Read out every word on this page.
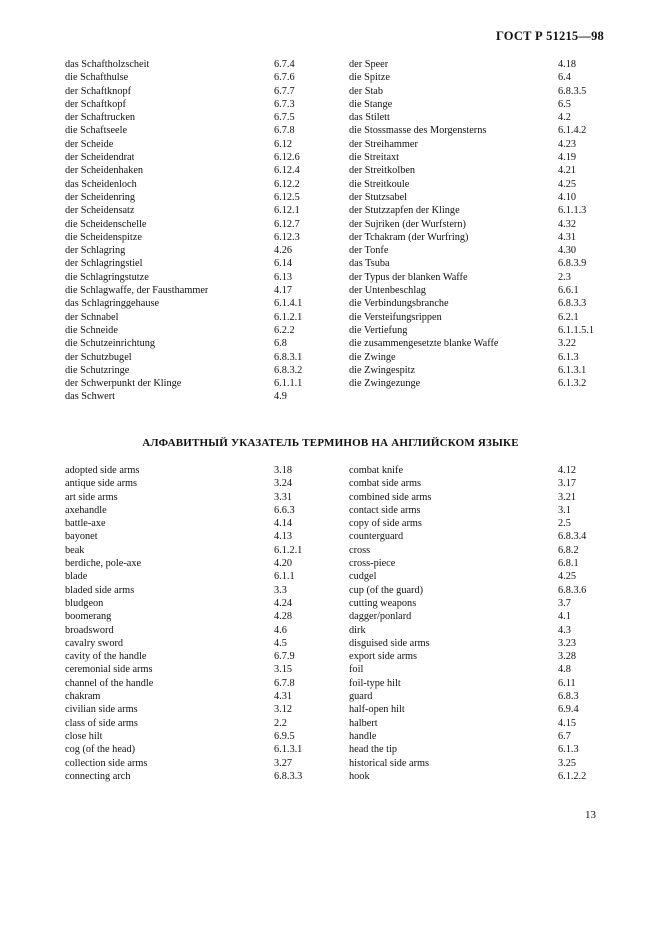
ГОСТ Р 51215—98
das Schaftholzscheit	6.7.4
die Schafthulse	6.7.6
der Schaftknopf	6.7.7
der Schaftkopf	6.7.3
der Schaftrucken	6.7.5
die Schaftseele	6.7.8
der Scheide	6.12
der Scheidendrat	6.12.6
der Scheidenhaken	6.12.4
das Scheidenloch	6.12.2
der Scheidenring	6.12.5
der Scheidensatz	6.12.1
die Scheidenschelle	6.12.7
die Scheidenspitze	6.12.3
der Schlagring	4.26
der Schlagringstiel	6.14
die Schlagringstutze	6.13
die Schlagwaffe, der Fausthammer	4.17
das Schlagringgehause	6.1.4.1
der Schnabel	6.1.2.1
die Schneide	6.2.2
die Schutzeinrichtung	6.8
der Schutzbugel	6.8.3.1
die Schutzringe	6.8.3.2
der Schwerpunkt der Klinge	6.1.1.1
das Schwert	4.9
der Speer	4.18
die Spitze	6.4
der Stab	6.8.3.5
die Stange	6.5
das Stilett	4.2
die Stossmasse des Morgensterns	6.1.4.2
der Streihammer	4.23
die Streitaxt	4.19
der Streitkolben	4.21
die Streitkoule	4.25
der Stutzsabel	4.10
der Stutzzapfen der Klinge	6.1.1.3
der Sujriken (der Wurfstern)	4.32
der Tchakram (der Wurfring)	4.31
der Tonfe	4.30
das Tsuba	6.8.3.9
der Typus der blanken Waffe	2.3
der Untenbeschlag	6.6.1
die Verbindungsbranche	6.8.3.3
die Versteifungsrippen	6.2.1
die Vertiefung	6.1.1.5.1
die zusammengesetzte blanke Waffe	3.22
die Zwinge	6.1.3
die Zwingespitz	6.1.3.1
die Zwingezunge	6.1.3.2
АЛФАВИТНЫЙ УКАЗАТЕЛЬ ТЕРМИНОВ НА АНГЛИЙСКОМ ЯЗЫКЕ
adopted side arms	3.18
antique side arms	3.24
art side arms	3.31
axehandle	6.6.3
battle-axe	4.14
bayonet	4.13
beak	6.1.2.1
berdiche, pole-axe	4.20
blade	6.1.1
bladed side arms	3.3
bludgeon	4.24
boomerang	4.28
broadsword	4.6
cavalry sword	4.5
cavity of the handle	6.7.9
ceremonial side arms	3.15
channel of the handle	6.7.8
chakram	4.31
civilian side arms	3.12
class of side arms	2.2
close hilt	6.9.5
cog (of the head)	6.1.3.1
collection side arms	3.27
connecting arch	6.8.3.3
combat knife	4.12
combat side arms	3.17
combined side arms	3.21
contact side arms	3.1
copy of side arms	2.5
counterguard	6.8.3.4
cross	6.8.2
cross-piece	6.8.1
cudgel	4.25
cup (of the guard)	6.8.3.6
cutting weapons	3.7
dagger/ponlard	4.1
dirk	4.3
disguised side arms	3.23
export side arms	3.28
foil	4.8
foil-type hilt	6.11
guard	6.8.3
half-open hilt	6.9.4
halbert	4.15
handle	6.7
head the tip	6.1.3
historical side arms	3.25
hook	6.1.2.2
13
